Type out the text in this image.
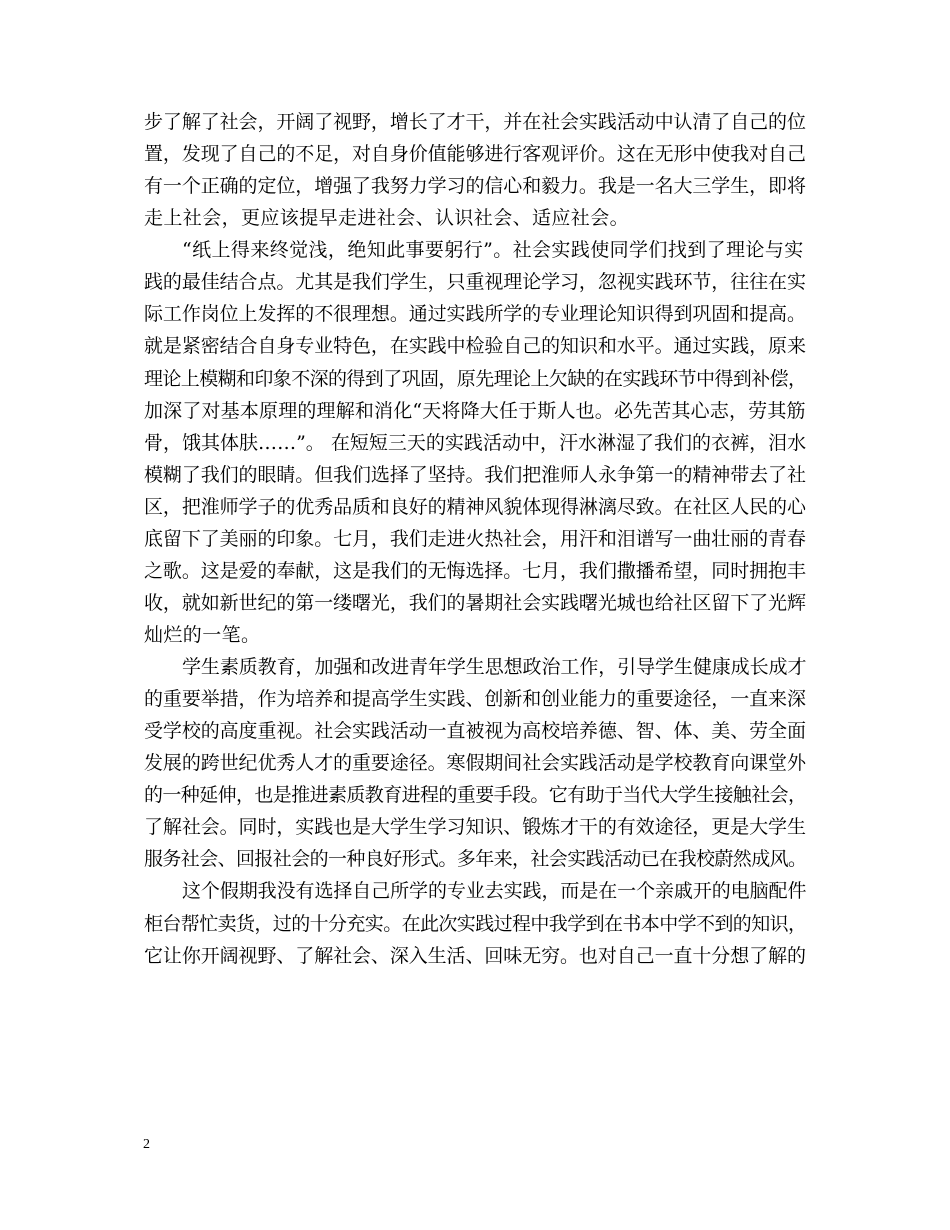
步了解了社会，开阔了视野，增长了才干，并在社会实践活动中认清了自己的位
置，发现了自己的不足，对自身价值能够进行客观评价。这在无形中使我对自己
有一个正确的定位，增强了我努力学习的信心和毅力。我是一名大三学生，即将
走上社会，更应该提早走进社会、认识社会、适应社会。
“纸上得来终觉浅，绝知此事要躬行”。社会实践使同学们找到了理论与实
践的最佳结合点。尤其是我们学生，只重视理论学习，忽视实践环节，往往在实
际工作岗位上发挥的不很理想。通过实践所学的专业理论知识得到巩固和提高。
就是紧密结合自身专业特色，在实践中检验自己的知识和水平。通过实践，原来
理论上模糊和印象不深的得到了巩固，原先理论上欠缺的在实践环节中得到补偿，
加深了对基本原理的理解和消化“天将降大任于斯人也。必先苦其心志，劳其筋
骨，饿其体肤……”。 在短短三天的实践活动中，汗水淋湿了我们的衣裤，泪水
模糊了我们的眼睛。但我们选择了坚持。我们把淮师人永争第一的精神带去了社
区，把淮师学子的优秀品质和良好的精神风貌体现得淋漓尽致。在社区人民的心
底留下了美丽的印象。七月，我们走进火热社会，用汗和泪谱写一曲壮丽的青春
之歌。这是爱的奉献，这是我们的无悔选择。七月，我们撒播希望，同时拥抱丰
收，就如新世纪的第一缕曙光，我们的暑期社会实践曙光城也给社区留下了光辉
灿烂的一笔。
学生素质教育，加强和改进青年学生思想政治工作，引导学生健康成长成才
的重要举措，作为培养和提高学生实践、创新和创业能力的重要途径，一直来深
受学校的高度重视。社会实践活动一直被视为高校培养德、智、体、美、劳全面
发展的跨世纪优秀人才的重要途径。寒假期间社会实践活动是学校教育向课堂外
的一种延伸，也是推进素质教育进程的重要手段。它有助于当代大学生接触社会，
了解社会。同时，实践也是大学生学习知识、锻炼才干的有效途径，更是大学生
服务社会、回报社会的一种良好形式。多年来，社会实践活动已在我校蔚然成风。
这个假期我没有选择自己所学的专业去实践，而是在一个亲戚开的电脑配件
柜台帮忙卖货，过的十分充实。在此次实践过程中我学到在书本中学不到的知识，
它让你开阔视野、了解社会、深入生活、回味无穷。也对自己一直十分想了解的
2
